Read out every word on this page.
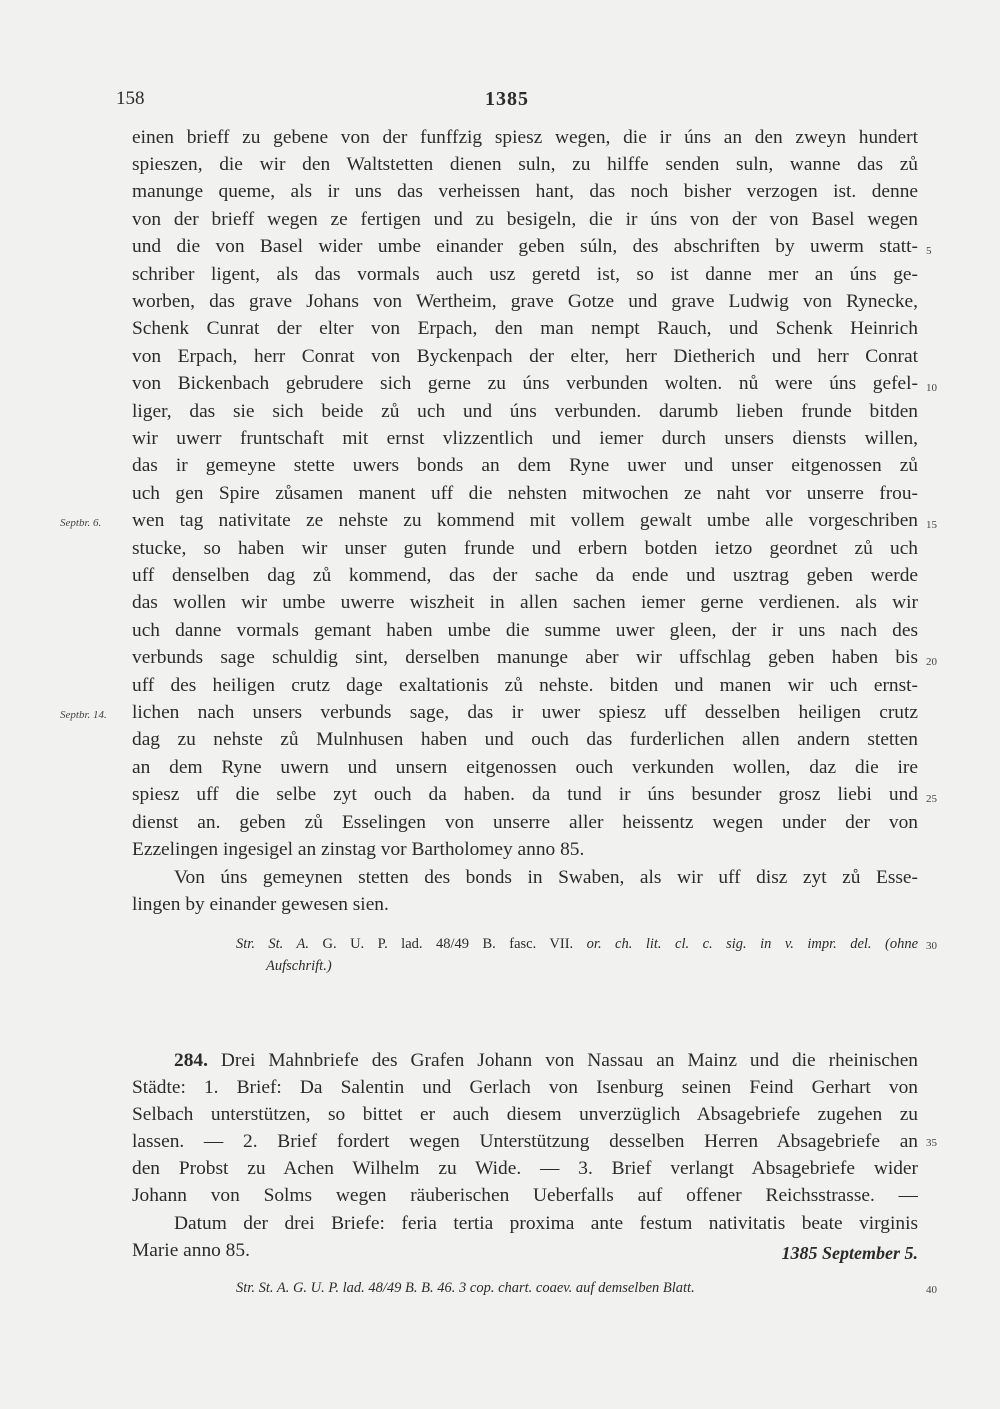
158	1385
einen brieff zu gebene von der funffzig spiesz wegen, die ir úns an den zweyn hundert
spieszen, die wir den Waltstetten dienen suln, zu hilffe senden suln, wanne das zů
manunge queme, als ir uns das verheissen hant, das noch bisher verzogen ist. denne
von der brieff wegen ze fertigen und zu besigeln, die ir úns von der von Basel wegen
und die von Basel wider umbe einander geben súln, des abschriften by uwerm statt-
schriber ligent, als das vormals auch usz geretd ist, so ist danne mer an úns ge-
worben, das grave Johans von Wertheim, grave Gotze und grave Ludwig von Rynecke,
Schenk Cunrat der elter von Erpach, den man nempt Rauch, und Schenk Heinrich
von Erpach, herr Conrat von Byckenpach der elter, herr Dietherich und herr Conrat
von Bickenbach gebrudere sich gerne zu úns verbunden wolten. nů were úns gefel-
liger, das sie sich beide zů uch und úns verbunden. darumb lieben frunde bitden
wir uwerr fruntschaft mit ernst vlizzentlich und iemer durch unsers diensts willen,
das ir gemeyne stette uwers bonds an dem Ryne uwer und unser eitgenossen zů
uch gen Spire zůsamen manent uff die nehsten mitwochen ze naht vor unserre frou-
wen tag nativitate ze nehste zu kommend mit vollem gewalt umbe alle vorgeschriben
stucke, so haben wir unser guten frunde und erbern botden ietzo geordnet zů uch
uff denselben dag zů kommend, das der sache da ende und usztrag geben werde
das wollen wir umbe uwerre wiszheit in allen sachen iemer gerne verdienen. als wir
uch danne vormals gemant haben umbe die summe uwer gleen, der ir uns nach des
verbunds sage schuldig sint, derselben manunge aber wir uffschlag geben haben bis
uff des heiligen crutz dage exaltationis zů nehste. bitden und manen wir uch ernst-
lichen nach unsers verbunds sage, das ir uwer spiesz uff desselben heiligen crutz
dag zu nehste zů Mulnhusen haben und ouch das furderlichen allen andern stetten
an dem Ryne uwern und unsern eitgenossen ouch verkunden wollen, daz die ire
spiesz uff die selbe zyt ouch da haben. da tund ir úns besunder grosz liebi und
dienst an. geben zů Esselingen von unserre aller heissentz wegen under der von
Ezzelingen ingesigel an zinstag vor Bartholomey anno 85.
Von úns gemeynen stetten des bonds in Swaben, als wir uff disz zyt zů Esse-
lingen by einander gewesen sien.
Str. St. A. G. U. P. lad. 48/49 B. fasc. VII. or. ch. lit. cl. c. sig. in v. impr. del. (ohne
Aufschrift.)
Septbr. 6.
Septbr. 14.
5
10
15
20
25
30
35
40
284. Drei Mahnbriefe des Grafen Johann von Nassau an Mainz und die rheinischen
Städte: 1. Brief: Da Salentin und Gerlach von Isenburg seinen Feind Gerhart von
Selbach unterstützen, so bittet er auch diesem unverzüglich Absagebriefe zugehen zu
lassen. — 2. Brief fordert wegen Unterstützung desselben Herren Absagebriefe an
den Probst zu Achen Wilhelm zu Wide. — 3. Brief verlangt Absagebriefe wider
Johann von Solms wegen räuberischen Ueberfalls auf offener Reichsstrasse. —
Datum der drei Briefe: feria tertia proxima ante festum nativitatis beate virginis
Marie anno 85.	1385 September 5.
Str. St. A. G. U. P. lad. 48/49 B. B. 46. 3 cop. chart. coaev. auf demselben Blatt.
